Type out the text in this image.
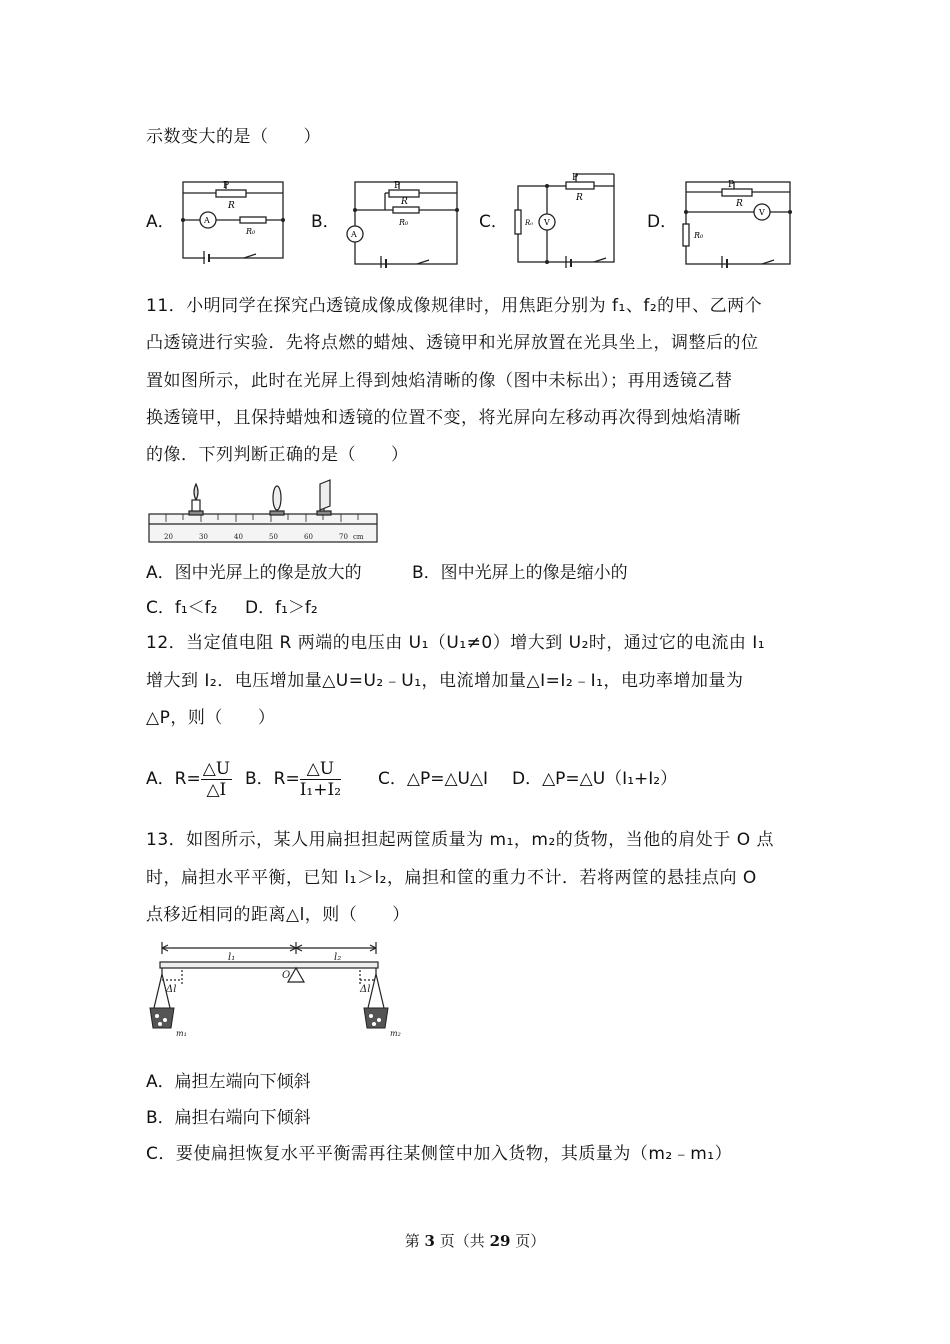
示数变大的是（　　）
A．	B．	C．	D．
P
R
A
R₀
P
R
R₀
A
P
R
R₀ V
P
R
V
R₀
11．小明同学在探究凸透镜成像成像规律时，用焦距分别为 f₁、f₂的甲、乙两个
凸透镜进行实验．先将点燃的蜡烛、透镜甲和光屏放置在光具坐上，调整后的位
置如图所示，此时在光屏上得到烛焰清晰的像（图中未标出）；再用透镜乙替
换透镜甲，且保持蜡烛和透镜的位置不变，将光屏向左移动再次得到烛焰清晰
的像．下列判断正确的是（　　）
20	30	40	50	60	70 cm
A．图中光屏上的像是放大的	B．图中光屏上的像是缩小的
C．f₁＜f₂ D．f₁＞f₂
12．当定值电阻 R 两端的电压由 U₁（U₁≠0）增大到 U₂时，通过它的电流由 I₁
增大到 I₂．电压增加量△U=U₂﹣U₁，电流增加量△I=I₂﹣I₁，电功率增加量为
△P，则（　　）
A．$R= \frac{\triangle U}{\triangle I}$ B．$R= \frac{\triangle U}{\text{I₁+I₂}}$ C．△P=△U△I D．△P=△U（I₁+I₂）
13．如图所示，某人用扁担担起两筐质量为 m₁，m₂的货物，当他的肩处于 O 点
时，扁担水平平衡，已知 l₁＞l₂，扁担和筐的重力不计．若将两筐的悬挂点向 O
点移近相同的距离△l，则（　　）
l₁	l₂
O
Δl	Δl
m₁	m₂
A．扁担左端向下倾斜
B．扁担右端向下倾斜
C．要使扁担恢复水平平衡需再往某侧筐中加入货物，其质量为（m₂﹣m₁）
第 3 页（共 29 页）
